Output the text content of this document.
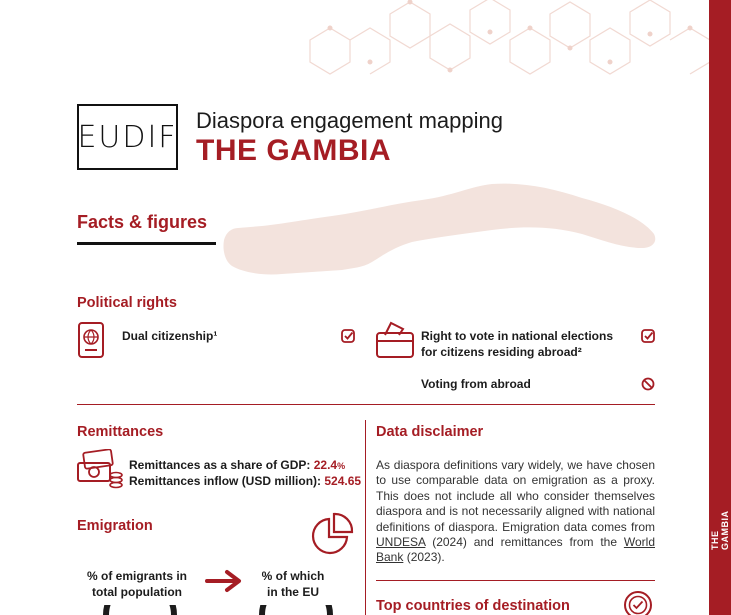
THE GAMBIA
EUDIF Diaspora engagement mapping
THE GAMBIA
Facts & figures
Political rights
Dual citizenship¹	Right to vote in national elections
for citizens residing abroad²
Voting from abroad
Remittances
Remittances as a share of GDP: 22.4%
Remittances inflow (USD million): 524.65
Emigration
% of emigrants in
total population
% of which
in the EU
Data disclaimer
As diaspora definitions vary widely, we have chosen to use comparable data on emigration as a proxy. This does not include all who consider themselves diaspora and is not necessarily aligned with national definitions of diaspora. Emigration data comes from UNDESA (2024) and remittances from the World Bank (2023).
Top countries of destination
